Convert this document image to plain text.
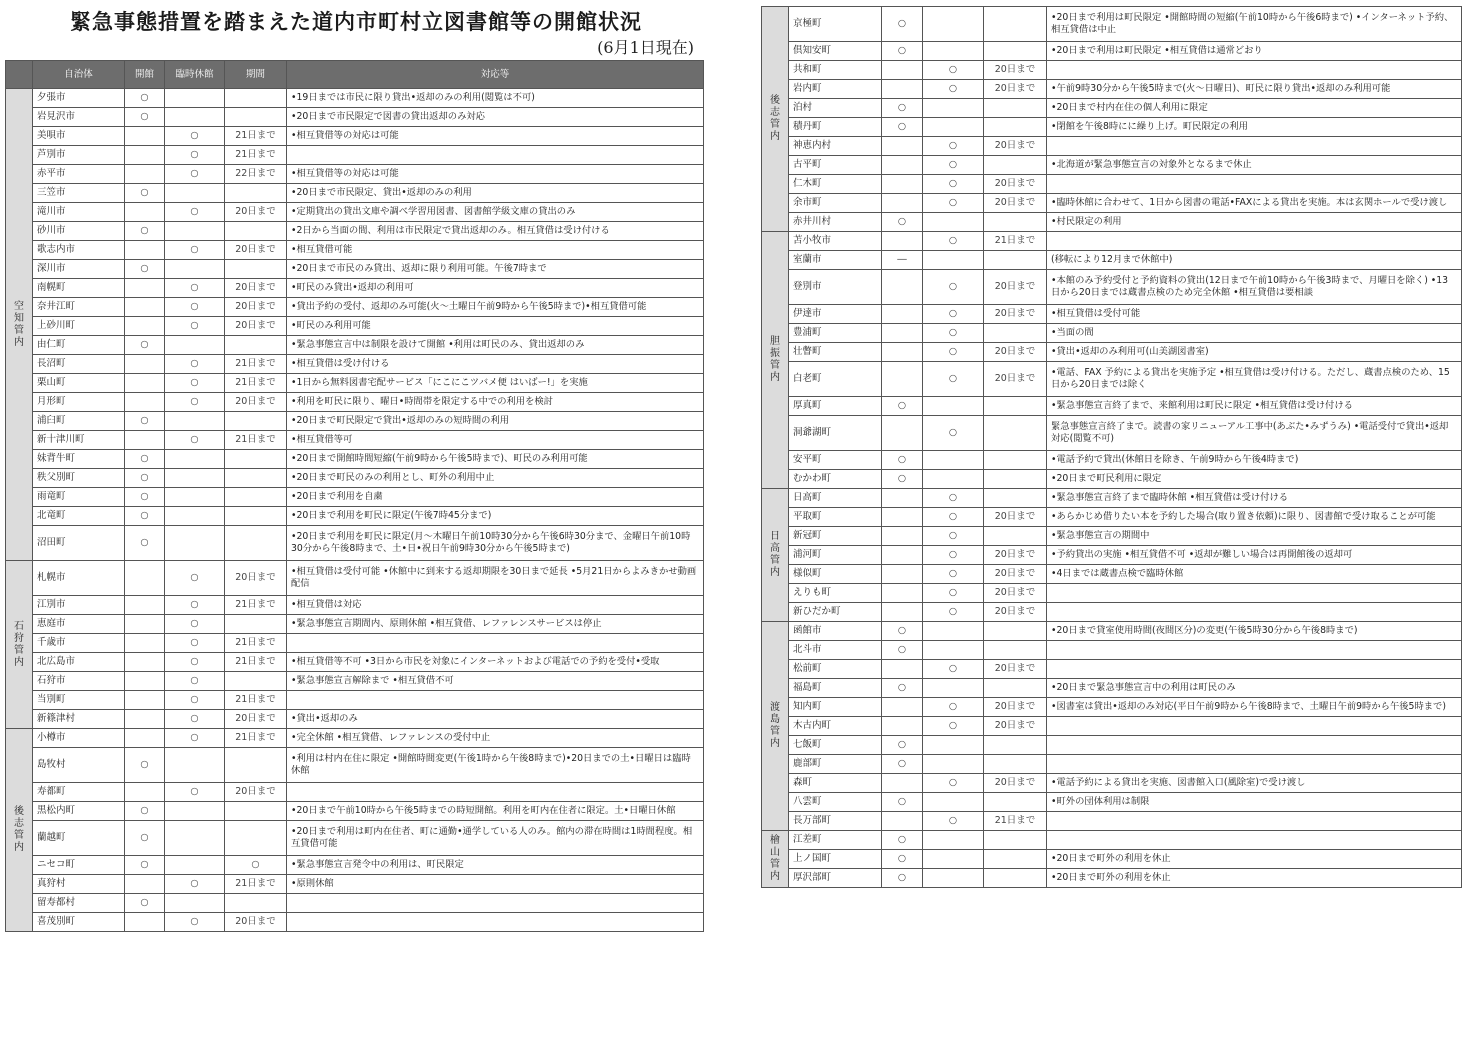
緊急事態措置を踏まえた道内市町村立図書館等の開館状況
(6月1日現在)
	自治体	開館	臨時休館	期間	対応等
空知管内	夕張市	○			•19日までは市民に限り貸出•返却のみの利用(閲覧は不可)
	岩見沢市	○			•20日まで市民限定で図書の貸出返却のみ対応
	美唄市		○	21日まで	•相互貸借等の対応は可能
	芦別市		○	21日まで	
	赤平市		○	22日まで	•相互貸借等の対応は可能
	三笠市	○			•20日まで市民限定、貸出•返却のみの利用
	滝川市		○	20日まで	•定期貸出の貸出文庫や調べ学習用図書、図書館学級文庫の貸出のみ
	砂川市	○			•2日から当面の間、利用は市民限定で貸出返却のみ。相互貸借は受け付ける
	歌志内市		○	20日まで	•相互貸借可能
	深川市	○			•20日まで市民のみ貸出、返却に限り利用可能。午後7時まで
	南幌町		○	20日まで	•町民のみ貸出•返却の利用可
	奈井江町		○	20日まで	•貸出予約の受付、返却のみ可能(火〜土曜日午前9時から午後5時まで)•相互貸借可能
	上砂川町		○	20日まで	•町民のみ利用可能
	由仁町	○			•緊急事態宣言中は制限を設けて開館 •利用は町民のみ、貸出返却のみ
	長沼町		○	21日まで	•相互貸借は受け付ける
	栗山町		○	21日まで	•1日から無料図書宅配サービス「にこにこツバメ便 はいばー!」を実施
	月形町		○	20日まで	•利用を町民に限り、曜日•時間帯を限定する中での利用を検討
	浦臼町	○			•20日まで町民限定で貸出•返却のみの短時間の利用
	新十津川町		○	21日まで	•相互貸借等可
	妹背牛町	○			•20日まで開館時間短縮(午前9時から午後5時まで)、町民のみ利用可能
	秩父別町	○			•20日まで町民のみの利用とし、町外の利用中止
	雨竜町	○			•20日まで利用を自粛
	北竜町	○			•20日まで利用を町民に限定(午後7時45分まで)
	沼田町	○			•20日まで利用を町民に限定(月〜木曜日午前10時30分から午後6時30分まで、金曜日午前10時30分から午後8時まで、土•日•祝日午前9時30分から午後5時まで)
石狩管内	札幌市		○	20日まで	•相互貸借は受付可能 •休館中に到来する返却期限を30日まで延長 •5月21日からよみきかせ動画配信
	江別市		○	21日まで	•相互貸借は対応
	恵庭市		○		•緊急事態宣言期間内、原則休館 •相互貸借、レファレンスサービスは停止
	千歳市		○	21日まで	
	北広島市		○	21日まで	•相互貸借等不可 •3日から市民を対象にインターネットおよび電話での予約を受付•受取
	石狩市		○		•緊急事態宣言解除まで •相互貸借不可
	当別町		○	21日まで	
	新篠津村		○	20日まで	•貸出•返却のみ
後志管内	小樽市		○	21日まで	•完全休館 •相互貸借、レファレンスの受付中止
	島牧村	○			•利用は村内在住に限定 •開館時間変更(午後1時から午後8時まで)•20日までの土•日曜日は臨時休館
	寿都町		○	20日まで	
	黒松内町	○			•20日まで午前10時から午後5時までの時短開館。利用を町内在住者に限定。土•日曜日休館
	蘭越町	○			•20日まで利用は町内在住者、町に通勤•通学している人のみ。館内の滞在時間は1時間程度。相互貸借可能
	ニセコ町	○		○	•緊急事態宣言発令中の利用は、町民限定
	真狩村		○	21日まで	•原則休館
	留寿都村	○			
	喜茂別町		○	20日まで	
後志管内	京極町	○			•20日まで利用は町民限定 •開館時間の短縮(午前10時から午後6時まで) •インターネット予約、相互貸借は中止
	倶知安町	○			•20日まで利用は町民限定 •相互貸借は通常どおり
	共和町		○	20日まで	
	岩内町		○	20日まで	•午前9時30分から午後5時まで(火〜日曜日)、町民に限り貸出•返却のみ利用可能
	泊村	○			•20日まで村内在住の個人利用に限定
	積丹町	○			•閉館を午後8時にに繰り上げ。町民限定の利用
	神恵内村		○	20日まで	
	古平町		○		•北海道が緊急事態宣言の対象外となるまで休止
	仁木町		○	20日まで	
	余市町		○	20日まで	•臨時休館に合わせて、1日から図書の電話•FAXによる貸出を実施。本は玄関ホールで受け渡し
	赤井川村	○			•村民限定の利用
胆振管内	苫小牧市		○	21日まで	
	室蘭市	―			(移転により12月まで休館中)
	登別市		○	20日まで	•本館のみ予約受付と予約資料の貸出(12日まで午前10時から午後3時まで、月曜日を除く) •13日から20日までは蔵書点検のため完全休館 •相互貸借は要相談
	伊達市		○	20日まで	•相互貸借は受付可能
	豊浦町		○		•当面の間
	壮瞥町		○	20日まで	•貸出•返却のみ利用可(山美湖図書室)
	白老町		○	20日まで	•電話、FAX 予約による貸出を実施予定 •相互貸借は受け付ける。ただし、蔵書点検のため、15日から20日までは除く
	厚真町	○			•緊急事態宣言終了まで、来館利用は町民に限定 •相互貸借は受け付ける
	洞爺湖町		○		緊急事態宣言終了まで。読書の家リニューアル工事中(あぶた•みずうみ) •電話受付で貸出•返却対応(閲覧不可)
	安平町	○			•電話予約で貸出(休館日を除き、午前9時から午後4時まで)
	むかわ町	○			•20日まで町民利用に限定
日高管内	日高町		○		•緊急事態宣言終了まで臨時休館 •相互貸借は受け付ける
	平取町		○	20日まで	•あらかじめ借りたい本を予約した場合(取り置き依頼)に限り、図書館で受け取ることが可能
	新冠町		○		•緊急事態宣言の期間中
	浦河町		○	20日まで	•予約貸出の実施 •相互貸借不可 •返却が難しい場合は再開館後の返却可
	様似町		○	20日まで	•4日までは蔵書点検で臨時休館
	えりも町		○	20日まで	
	新ひだか町		○	20日まで	
渡島管内	函館市	○			•20日まで貸室使用時間(夜間区分)の変更(午後5時30分から午後8時まで)
	北斗市	○			
	松前町		○	20日まで	
	福島町	○			•20日まで緊急事態宣言中の利用は町民のみ
	知内町		○	20日まで	•図書室は貸出•返却のみ対応(平日午前9時から午後8時まで、土曜日午前9時から午後5時まで)
	木古内町		○	20日まで	
	七飯町	○			
	鹿部町	○			
	森町		○	20日まで	•電話予約による貸出を実施、図書館入口(風除室)で受け渡し
	八雲町	○			•町外の団体利用は制限
	長万部町		○	21日まで	
檜山管内	江差町	○			
	上ノ国町	○			•20日まで町外の利用を休止
	厚沢部町	○			•20日まで町外の利用を休止
